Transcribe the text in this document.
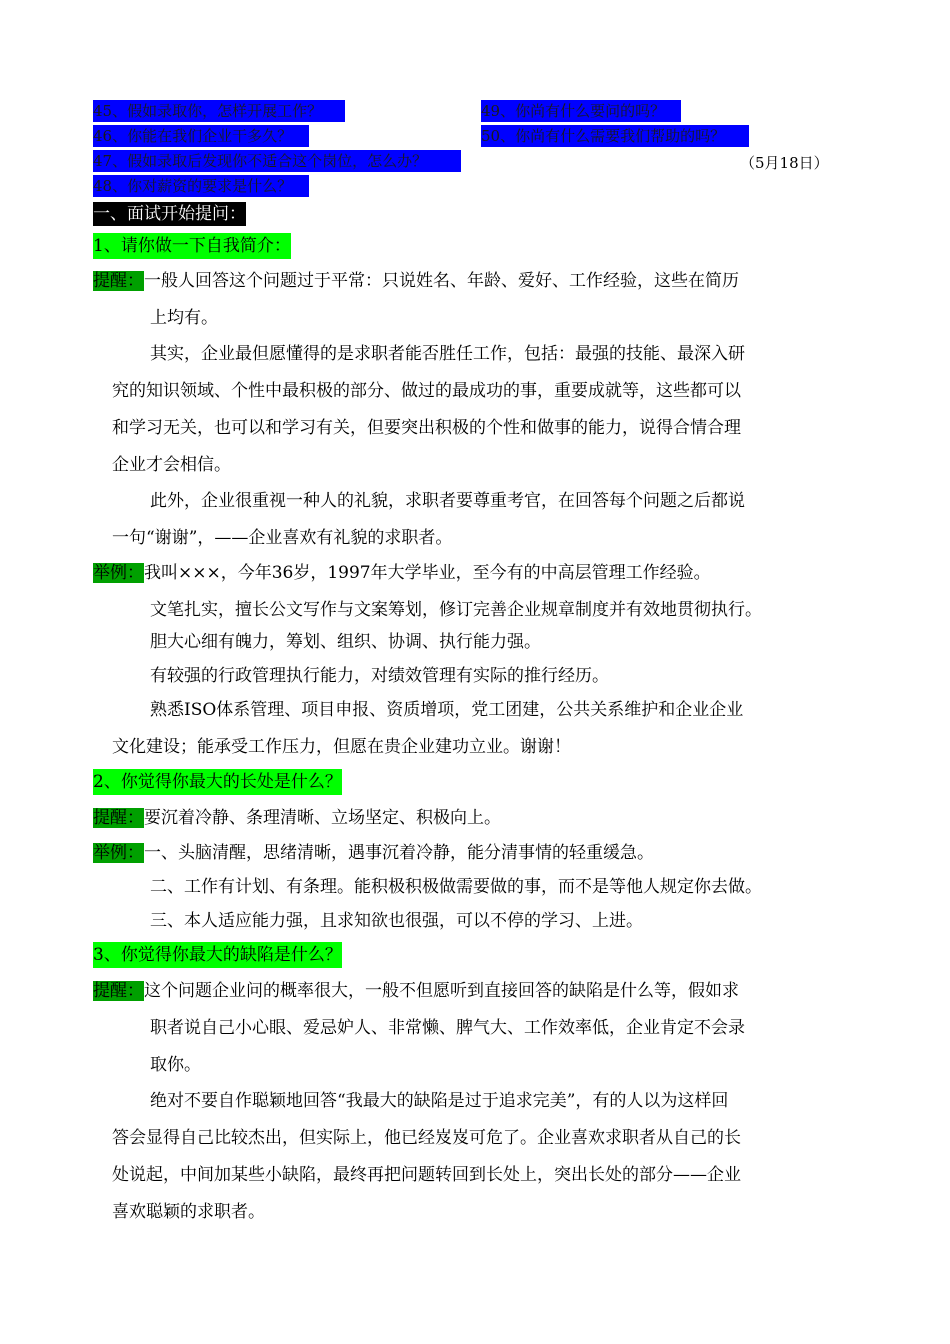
45、假如录取你，怎样开展工作？
46、你能在我们企业干多久？
47、假如录取后发现你不适合这个岗位，怎么办？
48、你对薪资的要求是什么？
49、你尚有什么要问的吗？
50、你尚有什么需要我们帮助的吗？
（5月18日）
一、面试开始提问：
1、请你做一下自我简介：
提醒：一般人回答这个问题过于平常：只说姓名、年龄、爱好、工作经验，这些在简历
上均有。
其实，企业最但愿懂得的是求职者能否胜任工作，包括：最强的技能、最深入研
究的知识领域、个性中最积极的部分、做过的最成功的事，重要成就等，这些都可以
和学习无关，也可以和学习有关，但要突出积极的个性和做事的能力，说得合情合理
企业才会相信。
此外，企业很重视一种人的礼貌，求职者要尊重考官，在回答每个问题之后都说
一句“谢谢”，——企业喜欢有礼貌的求职者。
举例：我叫×××，今年36岁，1997年大学毕业，至今有的中高层管理工作经验。
文笔扎实，擅长公文写作与文案筹划，修订完善企业规章制度并有效地贯彻执行。
胆大心细有魄力，筹划、组织、协调、执行能力强。
有较强的行政管理执行能力，对绩效管理有实际的推行经历。
熟悉ISO体系管理、项目申报、资质增项，党工团建，公共关系维护和企业企业
文化建设；能承受工作压力，但愿在贵企业建功立业。谢谢！
2、你觉得你最大的长处是什么？
提醒：要沉着冷静、条理清晰、立场坚定、积极向上。
举例：一、头脑清醒，思绪清晰，遇事沉着冷静，能分清事情的轻重缓急。
二、工作有计划、有条理。能积极积极做需要做的事，而不是等他人规定你去做。
三、本人适应能力强，且求知欲也很强，可以不停的学习、上进。
3、你觉得你最大的缺陷是什么？
提醒：这个问题企业问的概率很大，一般不但愿听到直接回答的缺陷是什么等，假如求
职者说自己小心眼、爱忌妒人、非常懒、脾气大、工作效率低，企业肯定不会录
取你。
绝对不要自作聪颖地回答“我最大的缺陷是过于追求完美”，有的人以为这样回
答会显得自己比较杰出，但实际上，他已经岌岌可危了。企业喜欢求职者从自己的长
处说起，中间加某些小缺陷，最终再把问题转回到长处上，突出长处的部分——企业
喜欢聪颖的求职者。
